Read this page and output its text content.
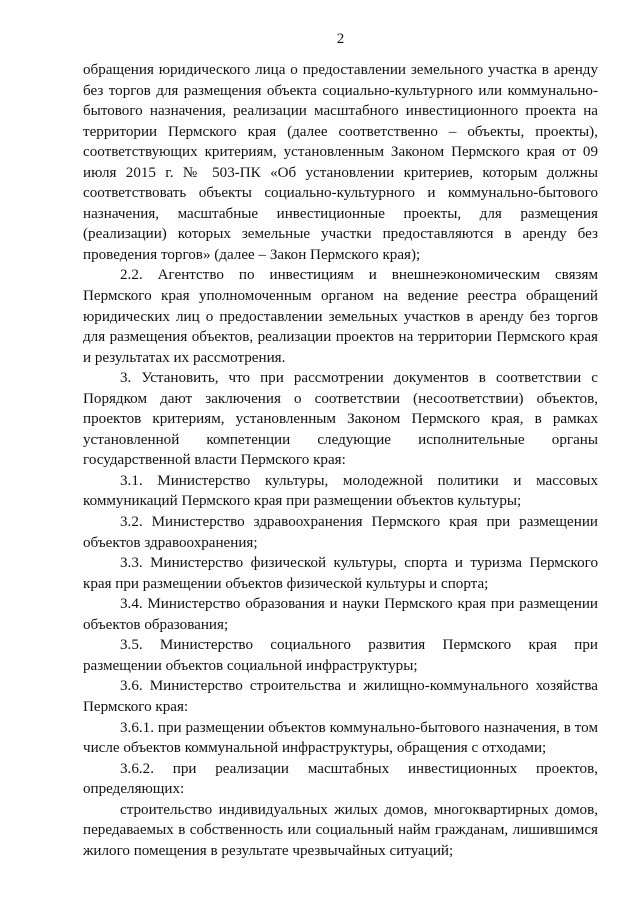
2

обращения юридического лица о предоставлении земельного участка в аренду без торгов для размещения объекта социально-культурного или коммунально-бытового назначения, реализации масштабного инвестиционного проекта на территории Пермского края (далее соответственно – объекты, проекты), соответствующих критериям, установленным Законом Пермского края от 09 июля 2015 г. № 503-ПК «Об установлении критериев, которым должны соответствовать объекты социально-культурного и коммунально-бытового назначения, масштабные инвестиционные проекты, для размещения (реализации) которых земельные участки предоставляются в аренду без проведения торгов» (далее – Закон Пермского края);

2.2. Агентство по инвестициям и внешнеэкономическим связям Пермского края уполномоченным органом на ведение реестра обращений юридических лиц о предоставлении земельных участков в аренду без торгов для размещения объектов, реализации проектов на территории Пермского края и результатах их рассмотрения.

3. Установить, что при рассмотрении документов в соответствии с Порядком дают заключения о соответствии (несоответствии) объектов, проектов критериям, установленным Законом Пермского края, в рамках установленной компетенции следующие исполнительные органы государственной власти Пермского края:

3.1. Министерство культуры, молодежной политики и массовых коммуникаций Пермского края при размещении объектов культуры;

3.2. Министерство здравоохранения Пермского края при размещении объектов здравоохранения;

3.3. Министерство физической культуры, спорта и туризма Пермского края при размещении объектов физической культуры и спорта;

3.4. Министерство образования и науки Пермского края при размещении объектов образования;

3.5. Министерство социального развития Пермского края при размещении объектов социальной инфраструктуры;

3.6. Министерство строительства и жилищно-коммунального хозяйства Пермского края:

3.6.1. при размещении объектов коммунально-бытового назначения, в том числе объектов коммунальной инфраструктуры, обращения с отходами;

3.6.2. при реализации масштабных инвестиционных проектов, определяющих:

строительство индивидуальных жилых домов, многоквартирных домов, передаваемых в собственность или социальный найм гражданам, лишившимся жилого помещения в результате чрезвычайных ситуаций;
